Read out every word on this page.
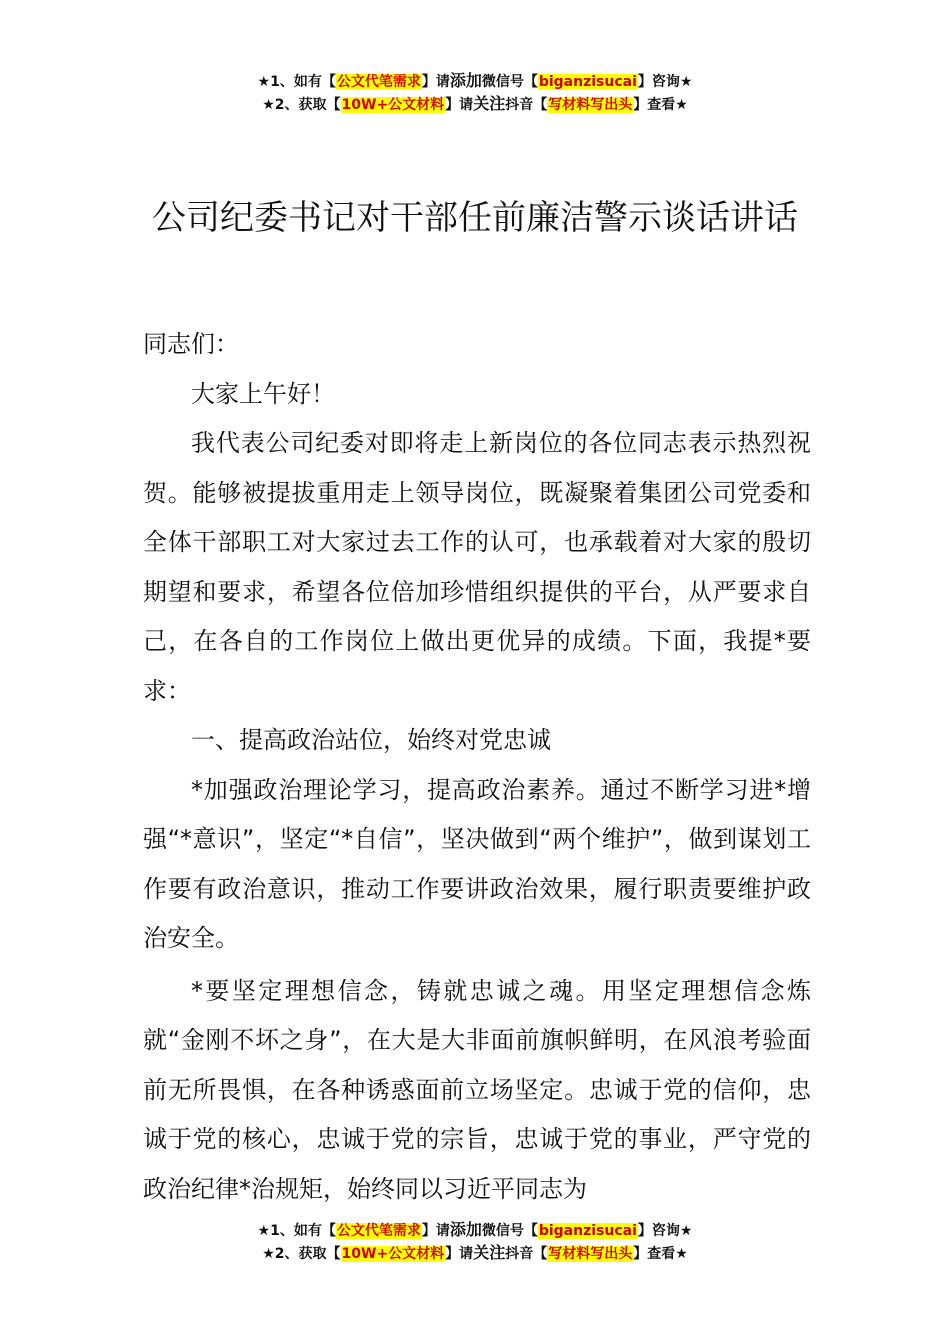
★1、如有【公文代笔需求】请添加微信号【biganzisucai】咨询★
★2、获取【10W+公文材料】请关注抖音【写材料写出头】查看★
公司纪委书记对干部任前廉洁警示谈话讲话

同志们：

大家上午好！

我代表公司纪委对即将走上新岗位的各位同志表示热烈祝贺。能够被提拔重用走上领导岗位，既凝聚着集团公司党委和全体干部职工对大家过去工作的认可，也承载着对大家的殷切期望和要求，希望各位倍加珍惜组织提供的平台，从严要求自己，在各自的工作岗位上做出更优异的成绩。下面，我提*要求：

一、提高政治站位，始终对党忠诚

*加强政治理论学习，提高政治素养。通过不断学习进*增强“*意识”，坚定“*自信”，坚决做到“两个维护”，做到谋划工作要有政治意识，推动工作要讲政治效果，履行职责要维护政治安全。

*要坚定理想信念，铸就忠诚之魂。用坚定理想信念炼就“金刚不坏之身”，在大是大非面前旗帜鲜明，在风浪考验面前无所畏惧，在各种诱惑面前立场坚定。忠诚于党的信仰，忠诚于党的核心，忠诚于党的宗旨，忠诚于党的事业，严守党的政治纪律*治规矩，始终同以习近平同志为

★1、如有【公文代笔需求】请添加微信号【biganzisucai】咨询★
★2、获取【10W+公文材料】请关注抖音【写材料写出头】查看★
